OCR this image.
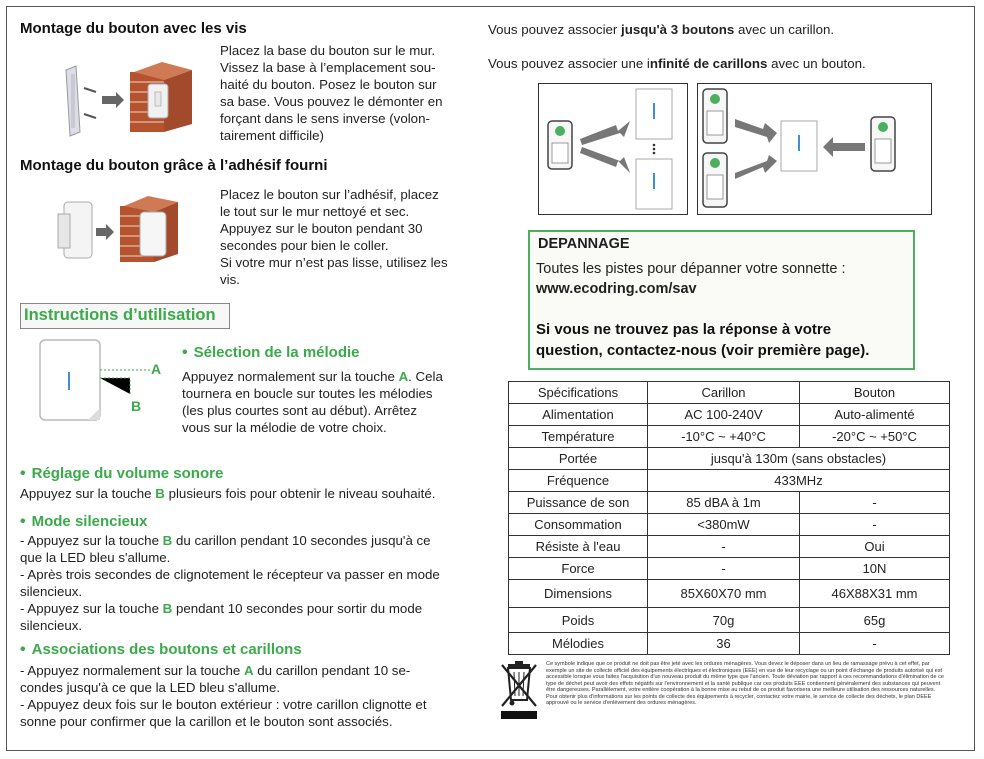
Montage du bouton avec les vis
Placez la base du bouton sur le mur.
Vissez la base à l’emplacement sou-
haité du bouton. Posez le bouton sur
sa base. Vous pouvez le démonter en
forçant dans le sens inverse (volon-
tairement difficile)
Montage du bouton grâce à l’adhésif fourni
Placez le bouton sur l’adhésif, placez
le tout sur le mur nettoyé et sec.
Appuyez sur le bouton pendant 30
secondes pour bien le coller.
Si votre mur n’est pas lisse, utilisez les
vis.
Instructions d’utilisation
A
B
• Sélection de la mélodie
Appuyez normalement sur la touche A. Cela
tournera en boucle sur toutes les mélodies
(les plus courtes sont au début). Arrêtez
vous sur la mélodie de votre choix.
• Réglage du volume sonore
Appuyez sur la touche B plusieurs fois pour obtenir le niveau souhaité.
• Mode silencieux
- Appuyez sur la touche B du carillon pendant 10 secondes jusqu'à ce
que la LED bleu s'allume.
- Après trois secondes de clignotement le récepteur va passer en mode
silencieux.
- Appuyez sur la touche B pendant 10 secondes pour sortir du mode
silencieux.
• Associations des boutons et carillons
- Appuyez normalement sur la touche A du carillon pendant 10 se-
condes jusqu'à ce que la LED bleu s'allume.
- Appuyez deux fois sur le bouton extérieur : votre carillon clignotte et
sonne pour confirmer que la carillon et le bouton sont associés.
Vous pouvez associer jusqu'à 3 boutons avec un carillon.
Vous pouvez associer une infinité de carillons avec un bouton.
DEPANNAGE
Toutes les pistes pour dépanner votre sonnette :
www.ecodring.com/sav
Si vous ne trouvez pas la réponse à votre
question, contactez-nous (voir première page).
Spécifications	Carillon	Bouton
Alimentation	AC 100-240V	Auto-alimenté
Température	-10°C ~ +40°C	-20°C ~ +50°C
Portée	jusqu'à 130m (sans obstacles)	
Fréquence	433MHz	
Puissance de son	85 dBA à 1m	-
Consommation	<380mW	-
Résiste à l'eau	-	Oui
Force	-	10N
Dimensions	85X60X70 mm	46X88X31 mm
Poids	70g	65g
Mélodies	36	-
Ce symbole indique que ce produit ne doit pas être jeté avec les ordures ménagères. Vous devez le déposer dans un lieu de ramassage prévu à cet effet, par exemple un site de collecte officiel des équipements électriques et électroniques (EEE) en vue de leur recyclage ou un point d'échange de produits autorisé qui est accessible lorsque vous faites l'acquisition d'un nouveau produit du même type que l'ancien. Toute déviation par rapport à ces recommandations d'élimination de ce type de déchet peut avoir des effets négatifs sur l'environnement et la santé publique car ces produits EEE contiennent généralement des substances qui peuvent être dangereuses. Parallèlement, votre entière coopération à la bonne mise au rebut de ce produit favorisera une meilleure utilisation des ressources naturelles. Pour obtenir plus d'informations sur les points de collecte des équipements à recycler, contactez votre mairie, le service de collecte des déchets, le plan DEEE approuvé ou le service d'enlèvement des ordures ménagères.
